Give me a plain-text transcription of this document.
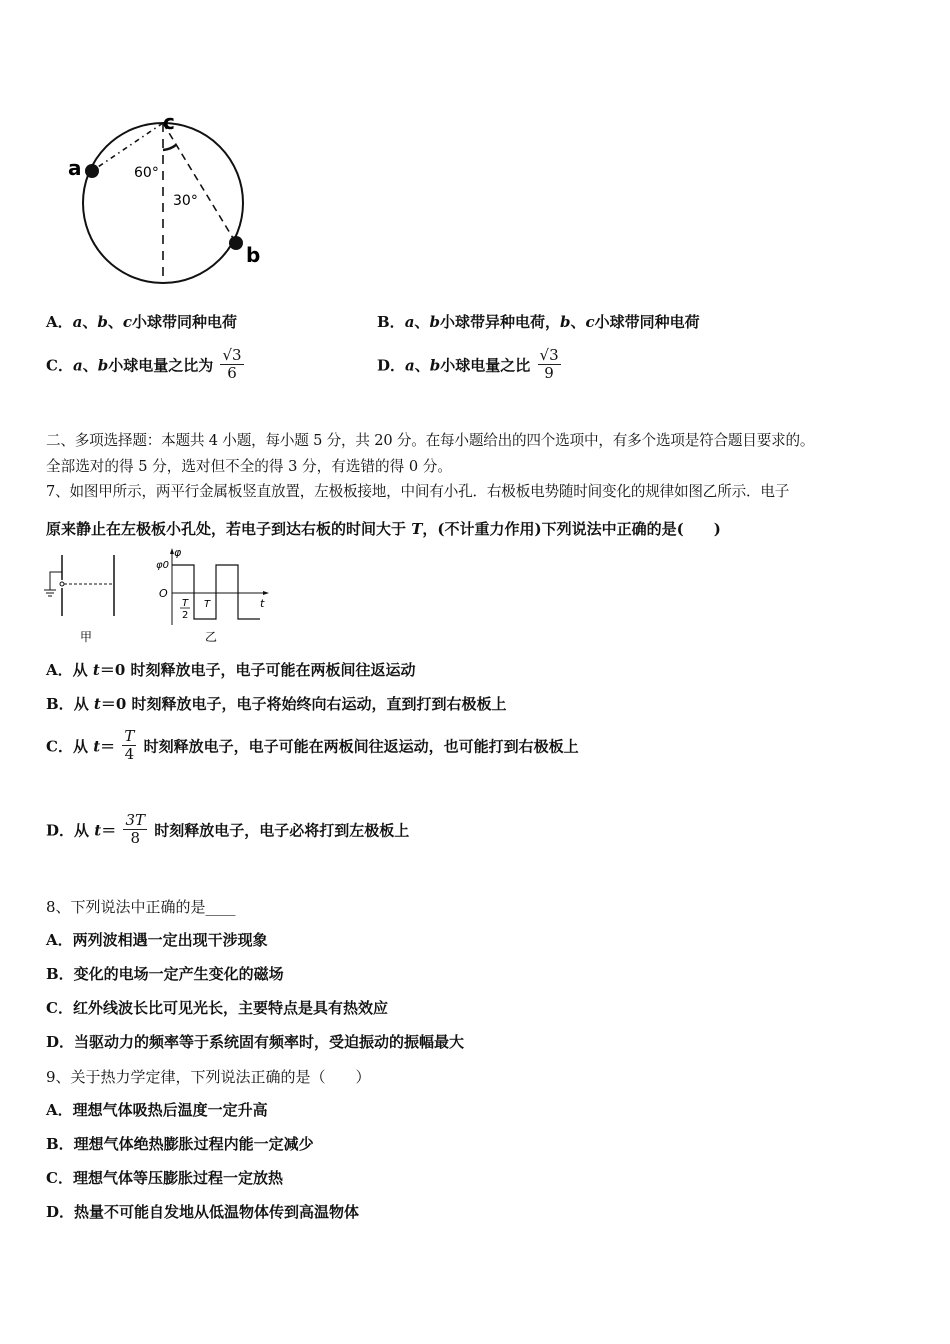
a
c
b
60°
30°
A．a、b、c小球带同种电荷	B．a、b小球带异种电荷，b、c小球带同种电荷
C．a、b小球电量之比为 $\frac{√3}{6}$	D．a、b小球电量之比 $\frac{√3}{9}$
二、多项选择题：本题共 4 小题，每小题 5 分，共 20 分。在每小题给出的四个选项中，有多个选项是符合题目要求的。
全部选对的得 5 分，选对但不全的得 3 分，有选错的得 0 分。
7、如图甲所示，两平行金属板竖直放置，左极板接地，中间有小孔．右极板电势随时间变化的规律如图乙所示．电子
原来静止在左极板小孔处，若电子到达右板的时间大于 T，(不计重力作用)下列说法中正确的是(　　)
甲
φ
φ0
O
t
T
2
T
乙
A．从 t＝0 时刻释放电子，电子可能在两板间往返运动
B．从 t＝0 时刻释放电子，电子将始终向右运动，直到打到右极板上
C．从 $t= \frac{T}{4}$ 时刻释放电子，电子可能在两板间往返运动，也可能打到右极板上
D．从 $t= \frac{3T}{8}$ 时刻释放电子，电子必将打到左极板上
8、下列说法中正确的是____
A．两列波相遇一定出现干涉现象
B．变化的电场一定产生变化的磁场
C．红外线波长比可见光长，主要特点是具有热效应
D．当驱动力的频率等于系统固有频率时，受迫振动的振幅最大
9、关于热力学定律，下列说法正确的是（　　）
A．理想气体吸热后温度一定升高
B．理想气体绝热膨胀过程内能一定减少
C．理想气体等压膨胀过程一定放热
D．热量不可能自发地从低温物体传到高温物体
